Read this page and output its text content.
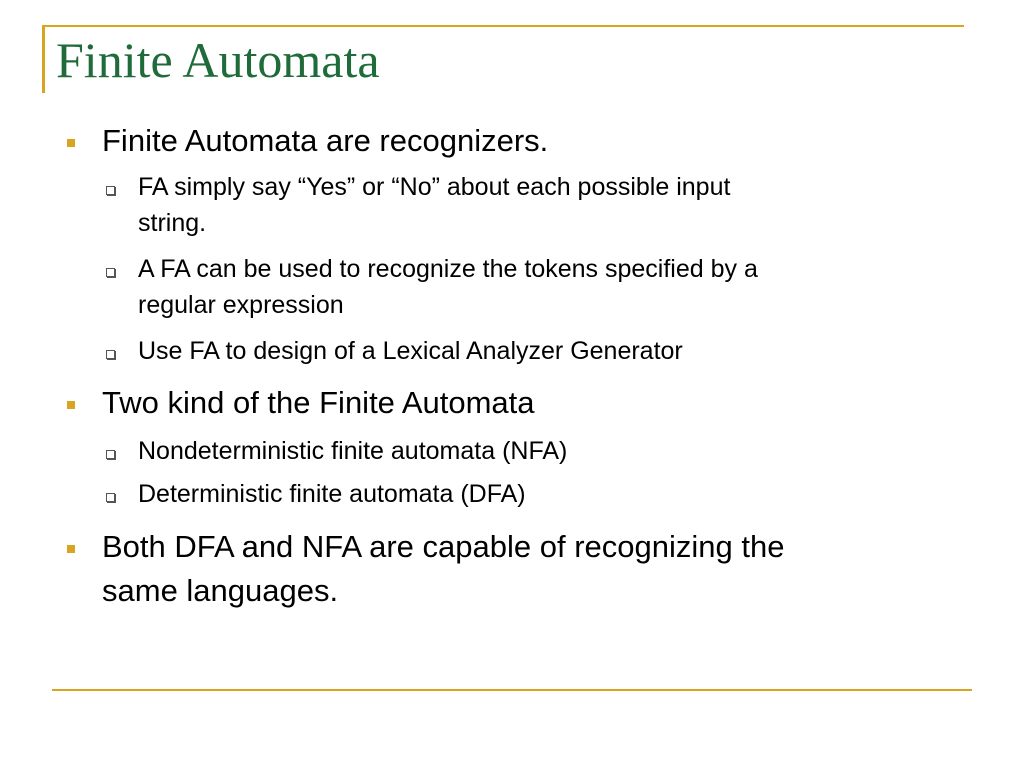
Finite Automata
Finite Automata are recognizers.
FA simply say “Yes” or “No” about each possible input
string.
A FA can be used to recognize the tokens specified by a
regular expression
Use FA to design of a Lexical Analyzer Generator
Two kind of the Finite Automata
Nondeterministic finite automata (NFA)
Deterministic finite automata (DFA)
Both DFA and NFA are capable of recognizing the
same languages.
